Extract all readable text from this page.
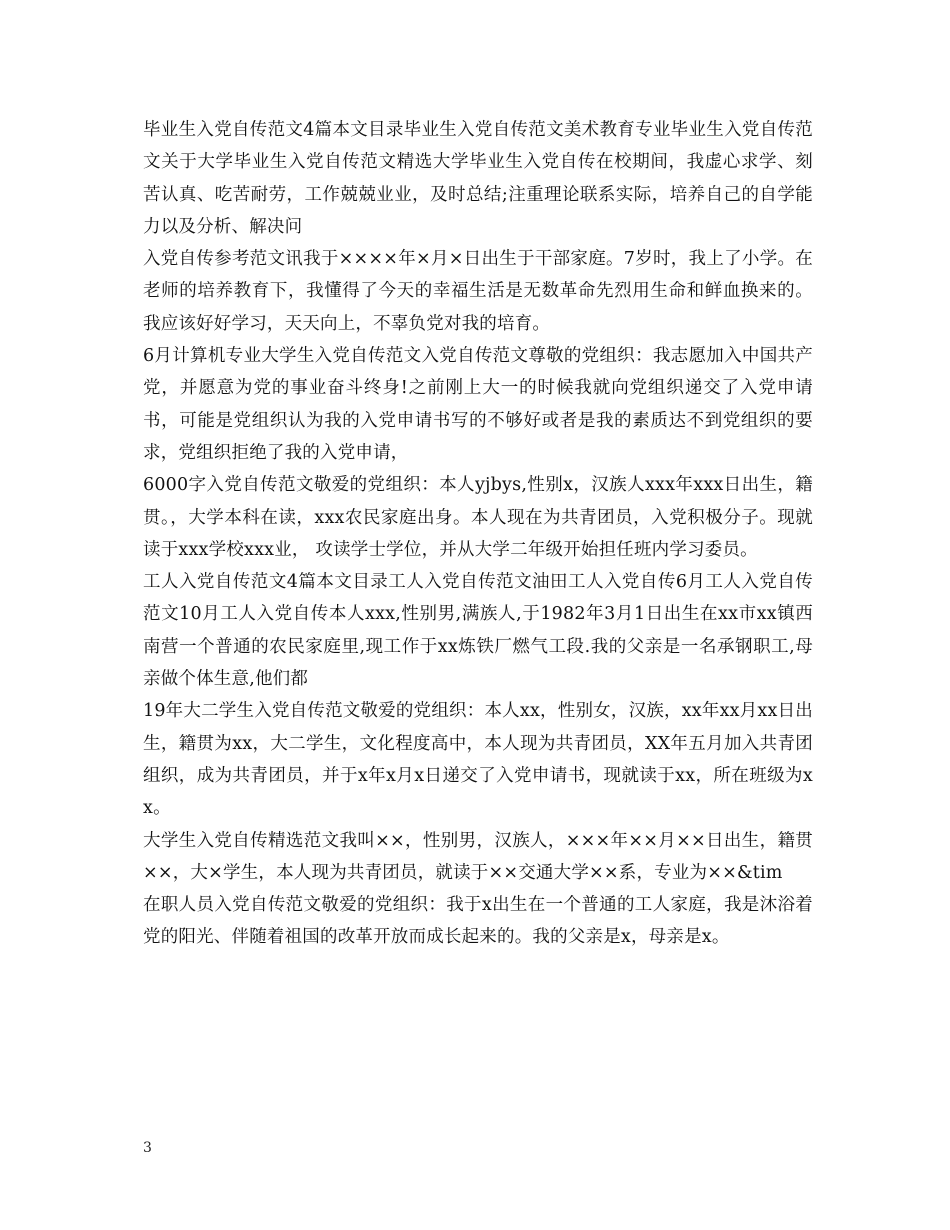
毕业生入党自传范文4篇本文目录毕业生入党自传范文美术教育专业毕业生入党自传范文关于大学毕业生入党自传范文精选大学毕业生入党自传在校期间，我虚心求学、刻苦认真、吃苦耐劳，工作兢兢业业，及时总结;注重理论联系实际，培养自己的自学能力以及分析、解决问

入党自传参考范文讯我于××××年×月×日出生于干部家庭。7岁时，我上了小学。在老师的培养教育下，我懂得了今天的幸福生活是无数革命先烈用生命和鲜血换来的。我应该好好学习，天天向上，不辜负党对我的培育。

6月计算机专业大学生入党自传范文入党自传范文尊敬的党组织：我志愿加入中国共产党，并愿意为党的事业奋斗终身!之前刚上大一的时候我就向党组织递交了入党申请书，可能是党组织认为我的入党申请书写的不够好或者是我的素质达不到党组织的要求，党组织拒绝了我的入党申请，

6000字入党自传范文敬爱的党组织：本人yjbys,性别x，汉族人xxx年xxx日出生，籍贯。，大学本科在读，xxx农民家庭出身。本人现在为共青团员，入党积极分子。现就读于xxx学校xxx业， 攻读学士学位，并从大学二年级开始担任班内学习委员。

工人入党自传范文4篇本文目录工人入党自传范文油田工人入党自传6月工人入党自传范文10月工人入党自传本人xxx,性别男,满族人,于1982年3月1日出生在xx市xx镇西南营一个普通的农民家庭里,现工作于xx炼铁厂燃气工段.我的父亲是一名承钢职工,母亲做个体生意,他们都

19年大二学生入党自传范文敬爱的党组织：本人xx，性别女，汉族，xx年xx月xx日出生，籍贯为xx，大二学生，文化程度高中，本人现为共青团员，XX年五月加入共青团组织，成为共青团员，并于x年x月x日递交了入党申请书，现就读于xx，所在班级为xx。

大学生入党自传精选范文我叫××，性别男，汉族人，×××年××月××日出生，籍贯××，大×学生，本人现为共青团员，就读于××交通大学××系，专业为××&tim

在职人员入党自传范文敬爱的党组织：我于x出生在一个普通的工人家庭，我是沐浴着党的阳光、伴随着祖国的改革开放而成长起来的。我的父亲是x，母亲是x。

3
